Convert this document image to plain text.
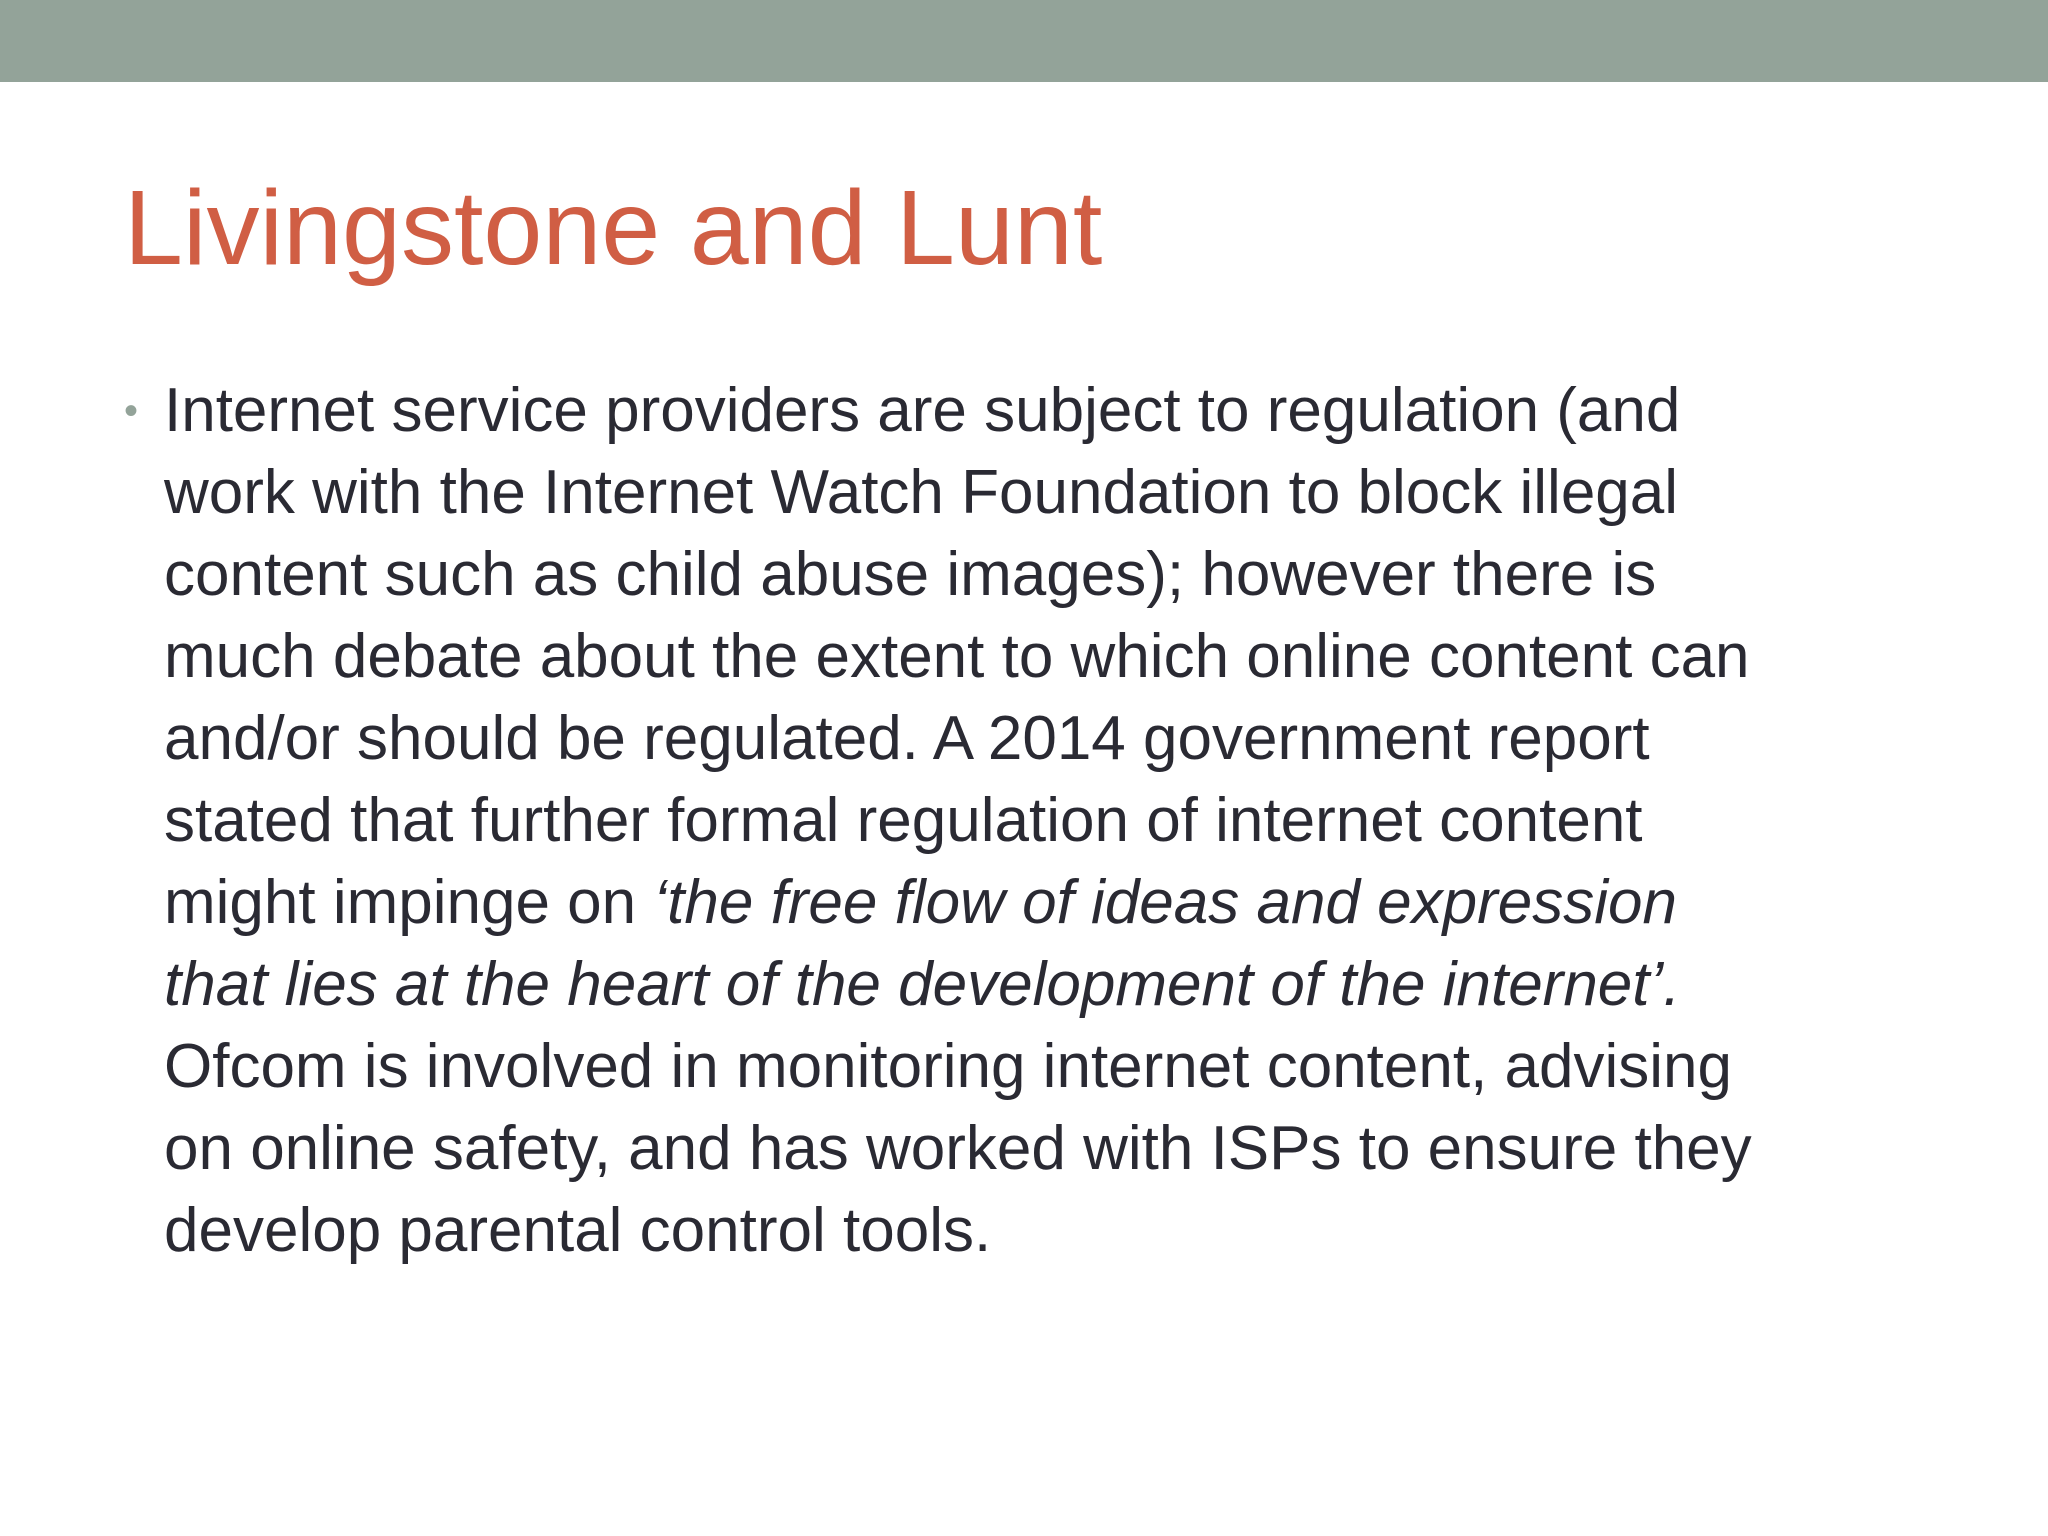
Livingstone and Lunt
• Internet service providers are subject to regulation (and
work with the Internet Watch Foundation to block illegal
content such as child abuse images); however there is
much debate about the extent to which online content can
and/or should be regulated. A 2014 government report
stated that further formal regulation of internet content
might impinge on ‘the free flow of ideas and expression
that lies at the heart of the development of the internet’.
Ofcom is involved in monitoring internet content, advising
on online safety, and has worked with ISPs to ensure they
develop parental control tools.
